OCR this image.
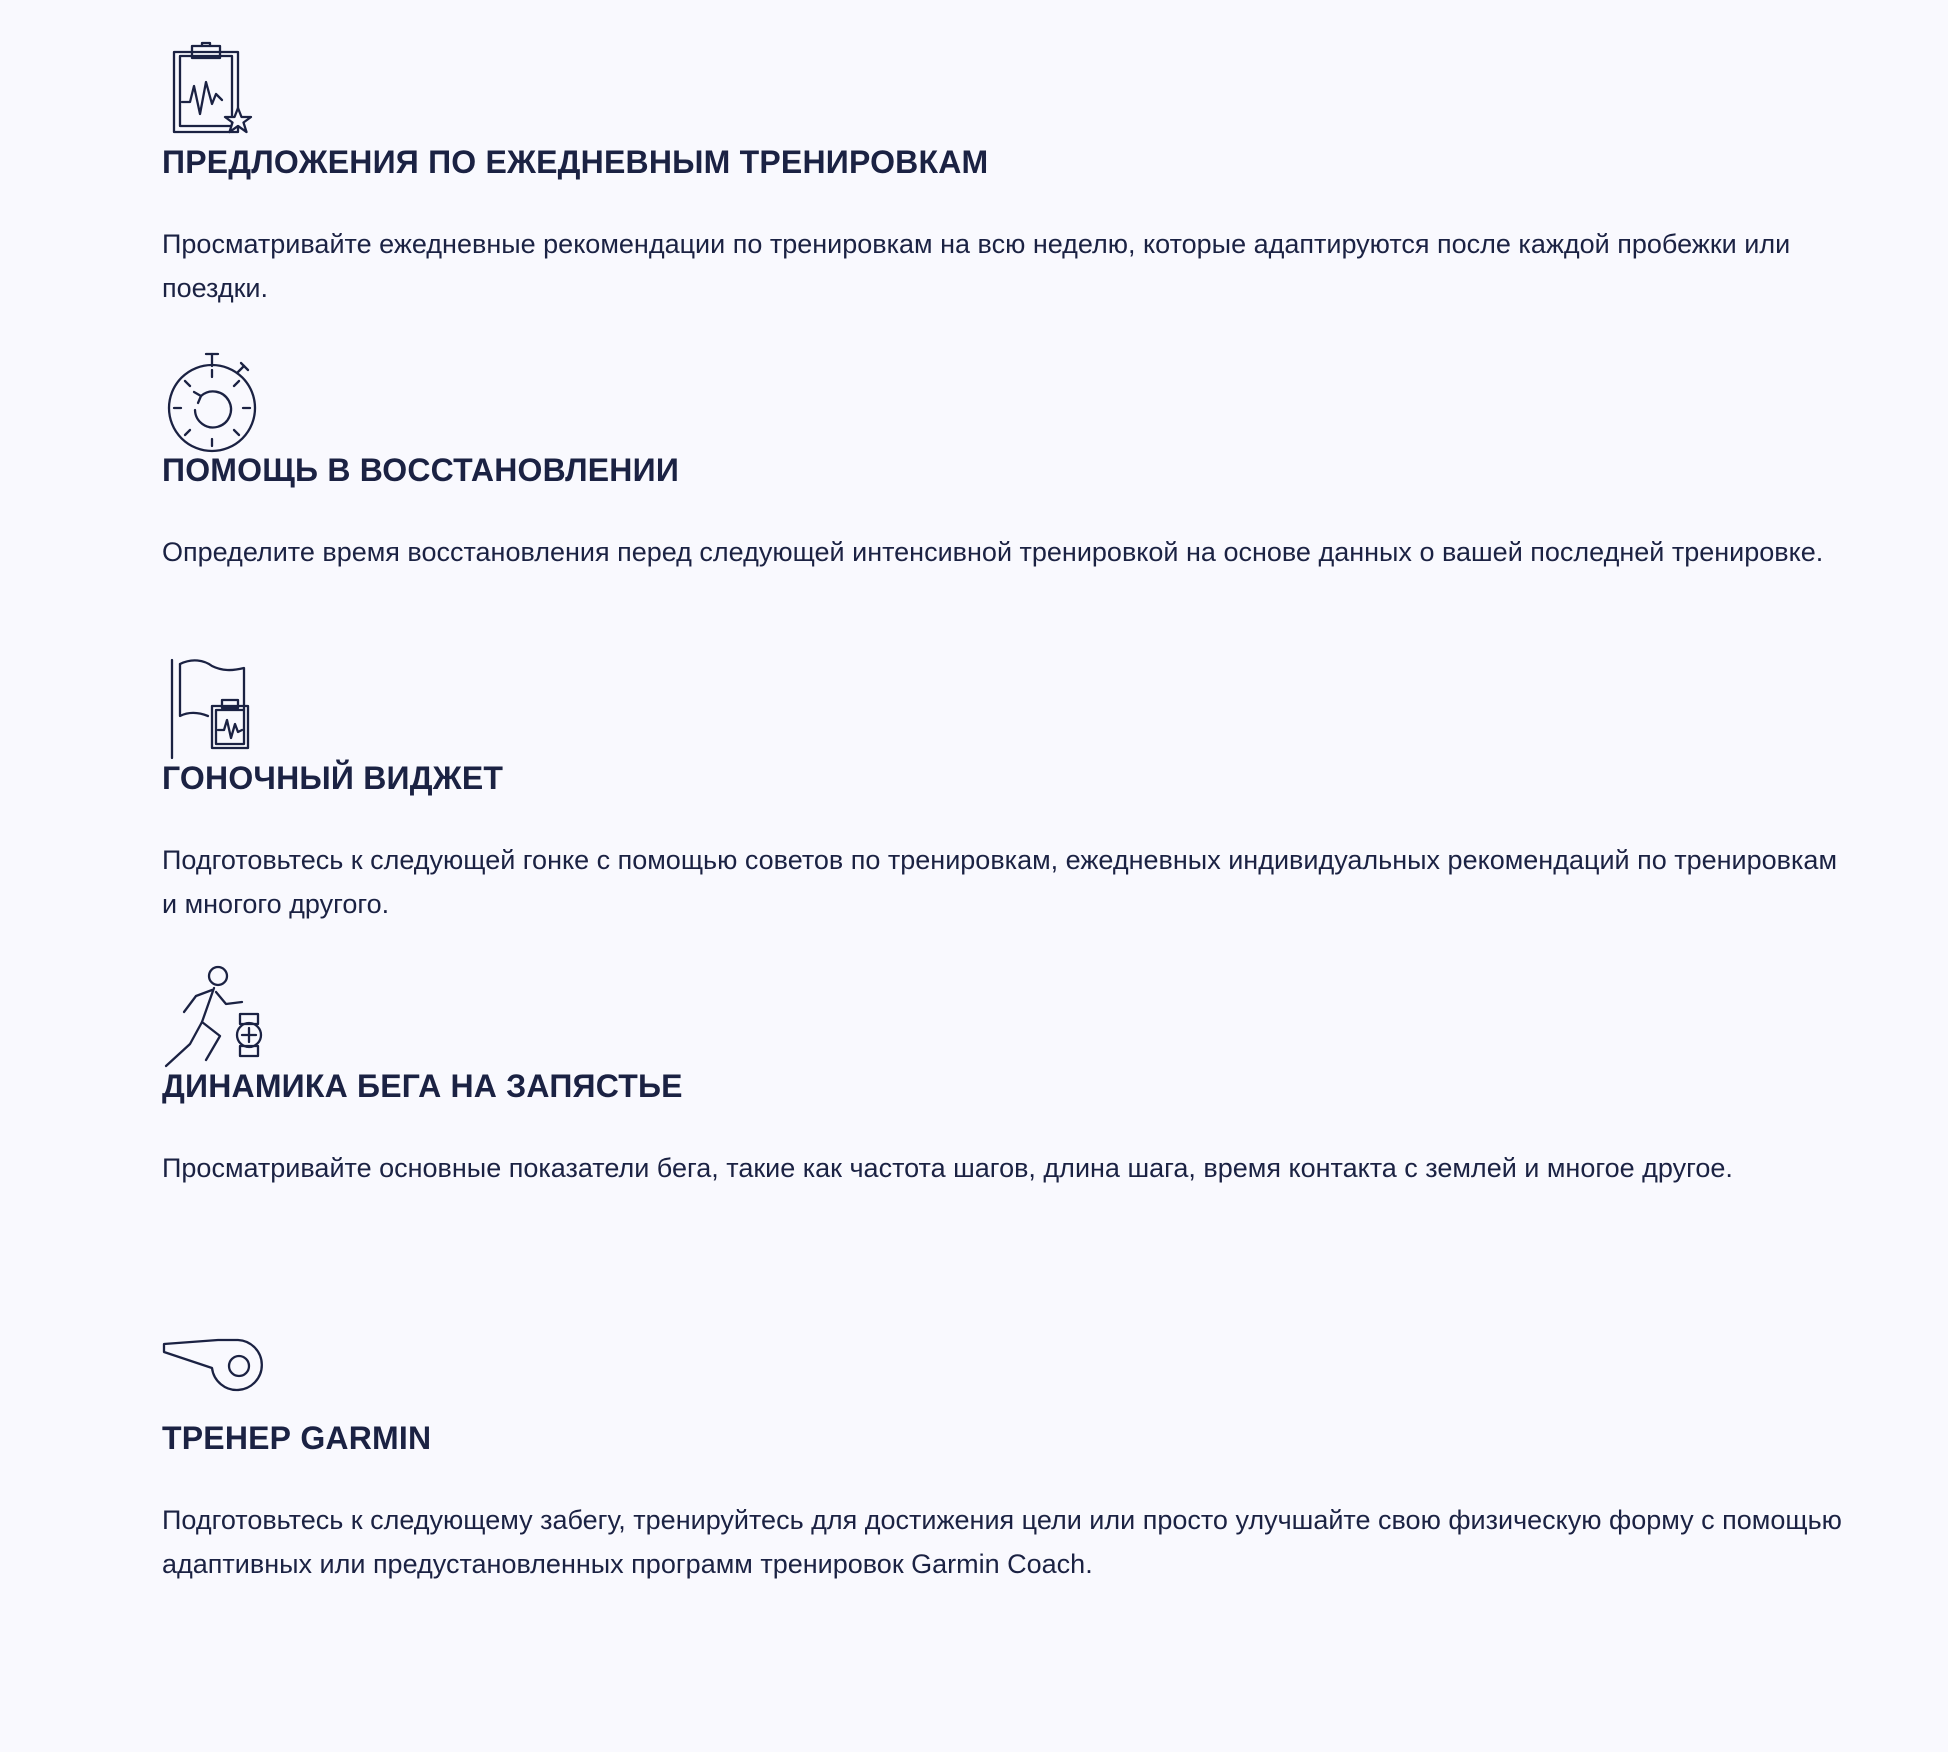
ПРЕДЛОЖЕНИЯ ПО ЕЖЕДНЕВНЫМ ТРЕНИРОВКАМ

Просматривайте ежедневные рекомендации по тренировкам на всю неделю, которые адаптируются после каждой пробежки или поездки.

ПОМОЩЬ В ВОССТАНОВЛЕНИИ

Определите время восстановления перед следующей интенсивной тренировкой на основе данных о вашей последней тренировке.

ГОНОЧНЫЙ ВИДЖЕТ

Подготовьтесь к следующей гонке с помощью советов по тренировкам, ежедневных индивидуальных рекомендаций по тренировкам и многого другого.

ДИНАМИКА БЕГА НА ЗАПЯСТЬЕ

Просматривайте основные показатели бега, такие как частота шагов, длина шага, время контакта с землей и многое другое.

ТРЕНЕР GARMIN

Подготовьтесь к следующему забегу, тренируйтесь для достижения цели или просто улучшайте свою физическую форму с помощью адаптивных или предустановленных программ тренировок Garmin Coach.
